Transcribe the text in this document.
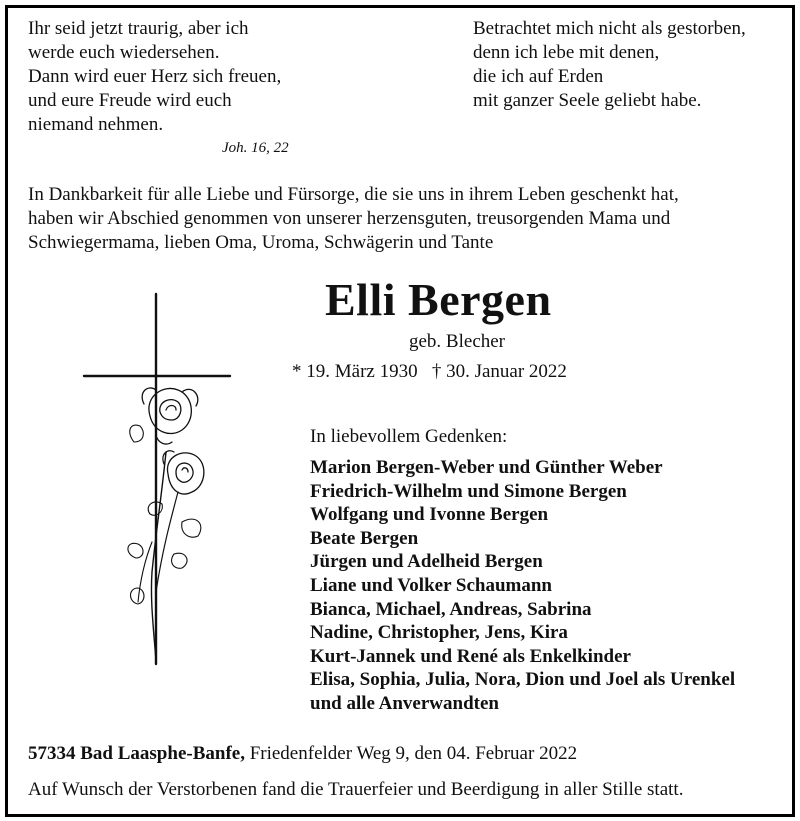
Ihr seid jetzt traurig, aber ich
werde euch wiedersehen.
Dann wird euer Herz sich freuen,
und eure Freude wird euch
niemand nehmen.
Joh. 16, 22
Betrachtet mich nicht als gestorben,
denn ich lebe mit denen,
die ich auf Erden
mit ganzer Seele geliebt habe.
In Dankbarkeit für alle Liebe und Fürsorge, die sie uns in ihrem Leben geschenkt hat,
haben wir Abschied genommen von unserer herzensguten, treusorgenden Mama und
Schwiegermama, lieben Oma, Uroma, Schwägerin und Tante
Elli Bergen
geb. Blecher
* 19. März 1930   † 30. Januar 2022
In liebevollem Gedenken:
Marion Bergen-Weber und Günther Weber
Friedrich-Wilhelm und Simone Bergen
Wolfgang und Ivonne Bergen
Beate Bergen
Jürgen und Adelheid Bergen
Liane und Volker Schaumann
Bianca, Michael, Andreas, Sabrina
Nadine, Christopher, Jens, Kira
Kurt-Jannek und René als Enkelkinder
Elisa, Sophia, Julia, Nora, Dion und Joel als Urenkel
und alle Anverwandten
57334 Bad Laasphe-Banfe, Friedenfelder Weg 9, den 04. Februar 2022
Auf Wunsch der Verstorbenen fand die Trauerfeier und Beerdigung in aller Stille statt.
